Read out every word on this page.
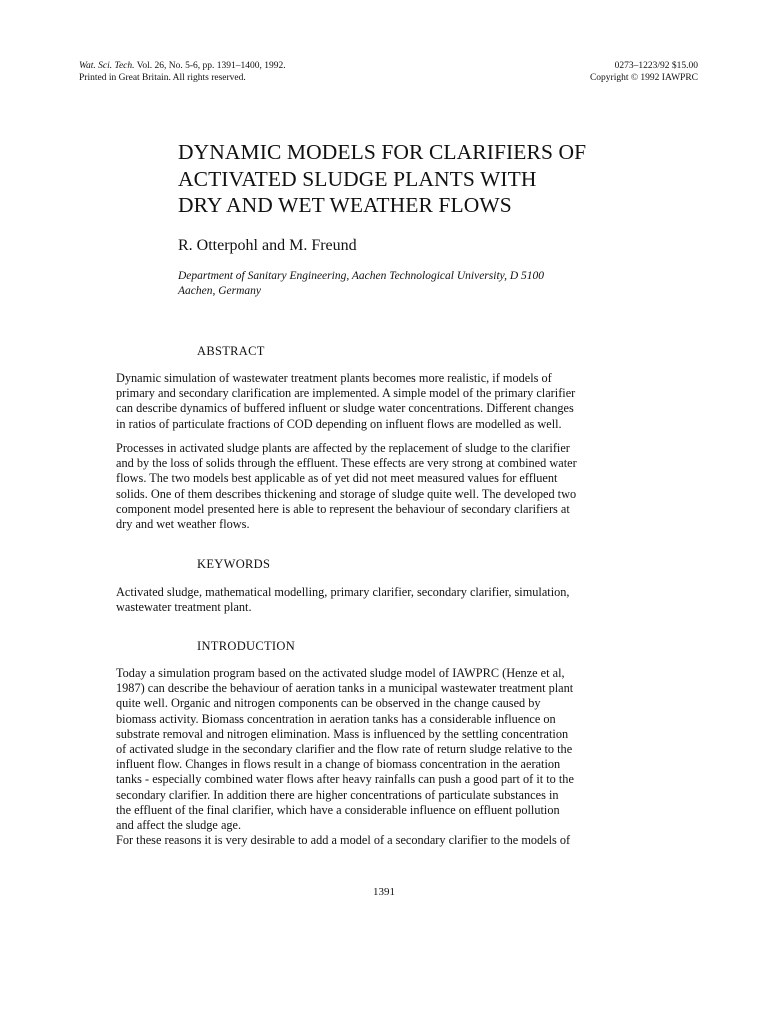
Wat. Sci. Tech. Vol. 26, No. 5-6, pp. 1391–1400, 1992.
Printed in Great Britain. All rights reserved.
0273–1223/92 $15.00
Copyright © 1992 IAWPRC
DYNAMIC MODELS FOR CLARIFIERS OF
ACTIVATED SLUDGE PLANTS WITH
DRY AND WET WEATHER FLOWS
R. Otterpohl and M. Freund
Department of Sanitary Engineering, Aachen Technological University, D 5100
Aachen, Germany
ABSTRACT
Dynamic simulation of wastewater treatment plants becomes more realistic, if models of
primary and secondary clarification are implemented. A simple model of the primary clarifier
can describe dynamics of buffered influent or sludge water concentrations. Different changes
in ratios of particulate fractions of COD depending on influent flows are modelled as well.
Processes in activated sludge plants are affected by the replacement of sludge to the clarifier
and by the loss of solids through the effluent. These effects are very strong at combined water
flows. The two models best applicable as of yet did not meet measured values for effluent
solids. One of them describes thickening and storage of sludge quite well. The developed two
component model presented here is able to represent the behaviour of secondary clarifiers at
dry and wet weather flows.
KEYWORDS
Activated sludge, mathematical modelling, primary clarifier, secondary clarifier, simulation,
wastewater treatment plant.
INTRODUCTION
Today a simulation program based on the activated sludge model of IAWPRC (Henze et al,
1987) can describe the behaviour of aeration tanks in a municipal wastewater treatment plant
quite well. Organic and nitrogen components can be observed in the change caused by
biomass activity. Biomass concentration in aeration tanks has a considerable influence on
substrate removal and nitrogen elimination. Mass is influenced by the settling concentration
of activated sludge in the secondary clarifier and the flow rate of return sludge relative to the
influent flow. Changes in flows result in a change of biomass concentration in the aeration
tanks - especially combined water flows after heavy rainfalls can push a good part of it to the
secondary clarifier. In addition there are higher concentrations of particulate substances in
the effluent of the final clarifier, which have a considerable influence on effluent pollution
and affect the sludge age.
For these reasons it is very desirable to add a model of a secondary clarifier to the models of
1391
